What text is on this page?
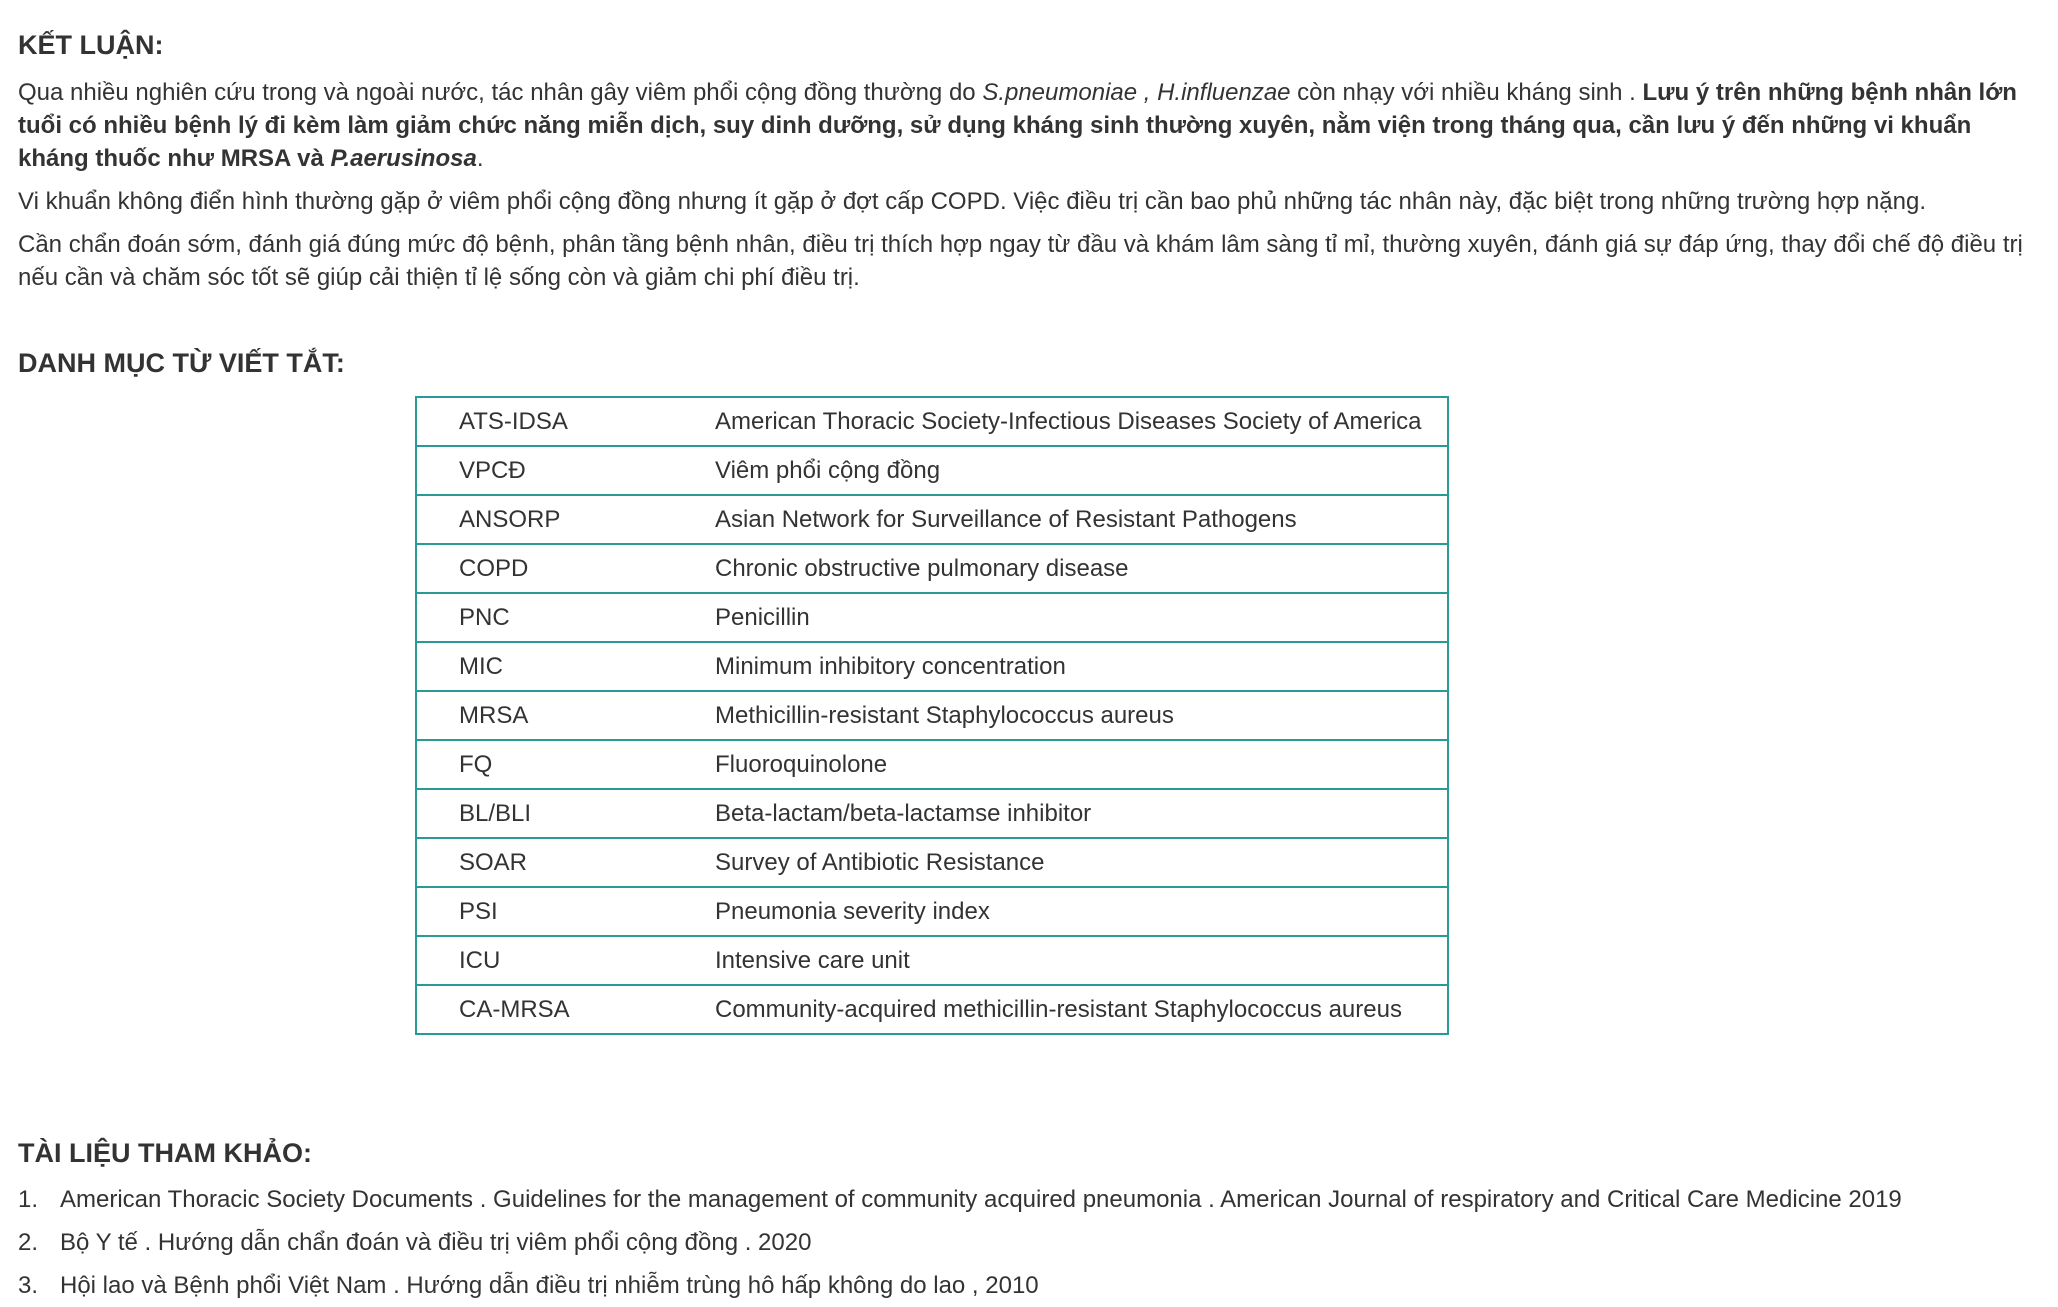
KẾT LUẬN:

Qua nhiều nghiên cứu trong và ngoài nước, tác nhân gây viêm phổi cộng đồng thường do S.pneumoniae , H.influenzae còn nhạy với nhiều kháng sinh . Lưu ý trên những bệnh nhân lớn tuổi có nhiều bệnh lý đi kèm làm giảm chức năng miễn dịch, suy dinh dưỡng, sử dụng kháng sinh thường xuyên, nằm viện trong tháng qua, cần lưu ý đến những vi khuẩn kháng thuốc như MRSA và P.aerusinosa.

Vi khuẩn không điển hình thường gặp ở viêm phổi cộng đồng nhưng ít gặp ở đợt cấp COPD. Việc điều trị cần bao phủ những tác nhân này, đặc biệt trong những trường hợp nặng.

Cần chẩn đoán sớm, đánh giá đúng mức độ bệnh, phân tầng bệnh nhân, điều trị thích hợp ngay từ đầu và khám lâm sàng tỉ mỉ, thường xuyên, đánh giá sự đáp ứng, thay đổi chế độ điều trị nếu cần và chăm sóc tốt sẽ giúp cải thiện tỉ lệ sống còn và giảm chi phí điều trị.

DANH MỤC TỪ VIẾT TẮT:
ATS-IDSA	American Thoracic Society-Infectious Diseases Society of America
VPCĐ	Viêm phổi cộng đồng
ANSORP	Asian Network for Surveillance of Resistant Pathogens
COPD	Chronic obstructive pulmonary disease
PNC	Penicillin
MIC	Minimum inhibitory concentration
MRSA	Methicillin-resistant Staphylococcus aureus
FQ	Fluoroquinolone
BL/BLI	Beta-lactam/beta-lactamse inhibitor
SOAR	Survey of Antibiotic Resistance
PSI	Pneumonia severity index
ICU	Intensive care unit
CA-MRSA	Community-acquired methicillin-resistant Staphylococcus aureus
TÀI LIỆU THAM KHẢO:
1. American Thoracic Society Documents . Guidelines for the management of community acquired pneumonia . American Journal of respiratory and Critical Care Medicine 2019
2. Bộ Y tế . Hướng dẫn chẩn đoán và điều trị viêm phổi cộng đồng . 2020
3. Hội lao và Bệnh phổi Việt Nam . Hướng dẫn điều trị nhiễm trùng hô hấp không do lao , 2010
